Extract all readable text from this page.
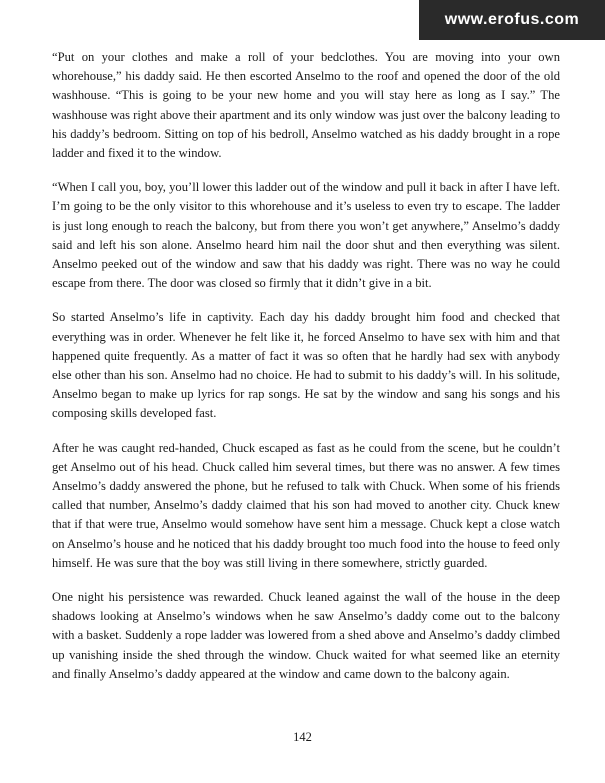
www.erofus.com

“Put on your clothes and make a roll of your bedclothes. You are moving into your own whorehouse,” his daddy said. He then escorted Anselmo to the roof and opened the door of the old washhouse. “This is going to be your new home and you will stay here as long as I say.” The washhouse was right above their apartment and its only window was just over the balcony leading to his daddy’s bedroom. Sitting on top of his bedroll, Anselmo watched as his daddy brought in a rope ladder and fixed it to the window.

“When I call you, boy, you’ll lower this ladder out of the window and pull it back in after I have left. I’m going to be the only visitor to this whorehouse and it’s useless to even try to escape. The ladder is just long enough to reach the balcony, but from there you won’t get anywhere,” Anselmo’s daddy said and left his son alone. Anselmo heard him nail the door shut and then everything was silent. Anselmo peeked out of the window and saw that his daddy was right. There was no way he could escape from there. The door was closed so firmly that it didn’t give in a bit.

So started Anselmo’s life in captivity. Each day his daddy brought him food and checked that everything was in order. Whenever he felt like it, he forced Anselmo to have sex with him and that happened quite frequently. As a matter of fact it was so often that he hardly had sex with anybody else other than his son. Anselmo had no choice. He had to submit to his daddy’s will. In his solitude, Anselmo began to make up lyrics for rap songs. He sat by the window and sang his songs and his composing skills developed fast.

After he was caught red-handed, Chuck escaped as fast as he could from the scene, but he couldn’t get Anselmo out of his head. Chuck called him several times, but there was no answer. A few times Anselmo’s daddy answered the phone, but he refused to talk with Chuck. When some of his friends called that number, Anselmo’s daddy claimed that his son had moved to another city. Chuck knew that if that were true, Anselmo would somehow have sent him a message. Chuck kept a close watch on Anselmo’s house and he noticed that his daddy brought too much food into the house to feed only himself. He was sure that the boy was still living in there somewhere, strictly guarded.

One night his persistence was rewarded. Chuck leaned against the wall of the house in the deep shadows looking at Anselmo’s windows when he saw Anselmo’s daddy come out to the balcony with a basket. Suddenly a rope ladder was lowered from a shed above and Anselmo’s daddy climbed up vanishing inside the shed through the window. Chuck waited for what seemed like an eternity and finally Anselmo’s daddy appeared at the window and came down to the balcony again.

142
